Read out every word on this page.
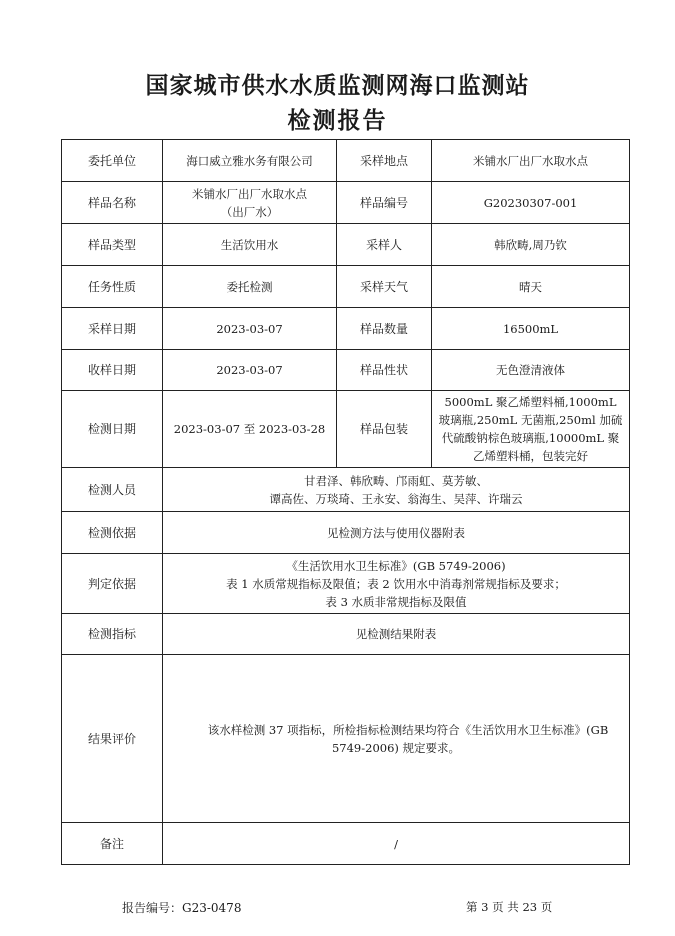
国家城市供水水质监测网海口监测站
检测报告
委托单位	海口威立雅水务有限公司	采样地点	米铺水厂出厂水取水点
样品名称	米铺水厂出厂水取水点（出厂水）	样品编号	G20230307-001
样品类型	生活饮用水	采样人	韩欣畴,周乃钦
任务性质	委托检测	采样天气	晴天
采样日期	2023-03-07	样品数量	16500mL
收样日期	2023-03-07	样品性状	无色澄清液体
检测日期	2023-03-07 至 2023-03-28	样品包装	5000mL 聚乙烯塑料桶,1000mL 玻璃瓶,250mL 无菌瓶,250ml 加硫代硫酸钠棕色玻璃瓶,10000mL 聚乙烯塑料桶，包装完好
检测人员	甘君泽、韩欣畴、邝雨虹、莫芳敏、
谭高佐、万琰琦、王永安、翁海生、吴萍、许瑞云		

检测依据	见检测方法与使用仪器附表		
判定依据	《生活饮用水卫生标准》(GB 5749-2006)
表 1 水质常规指标及限值；表 2 饮用水中消毒剂常规指标及要求；
表 3 水质非常规指标及限值		

检测指标	见检测结果附表		
结果评价	该水样检测 37 项指标，所检指标检测结果均符合《生活饮用水卫生标准》(GB 5749-2006) 规定要求。		
备注	/		
报告编号：G23-0478	第 3 页 共 23 页
